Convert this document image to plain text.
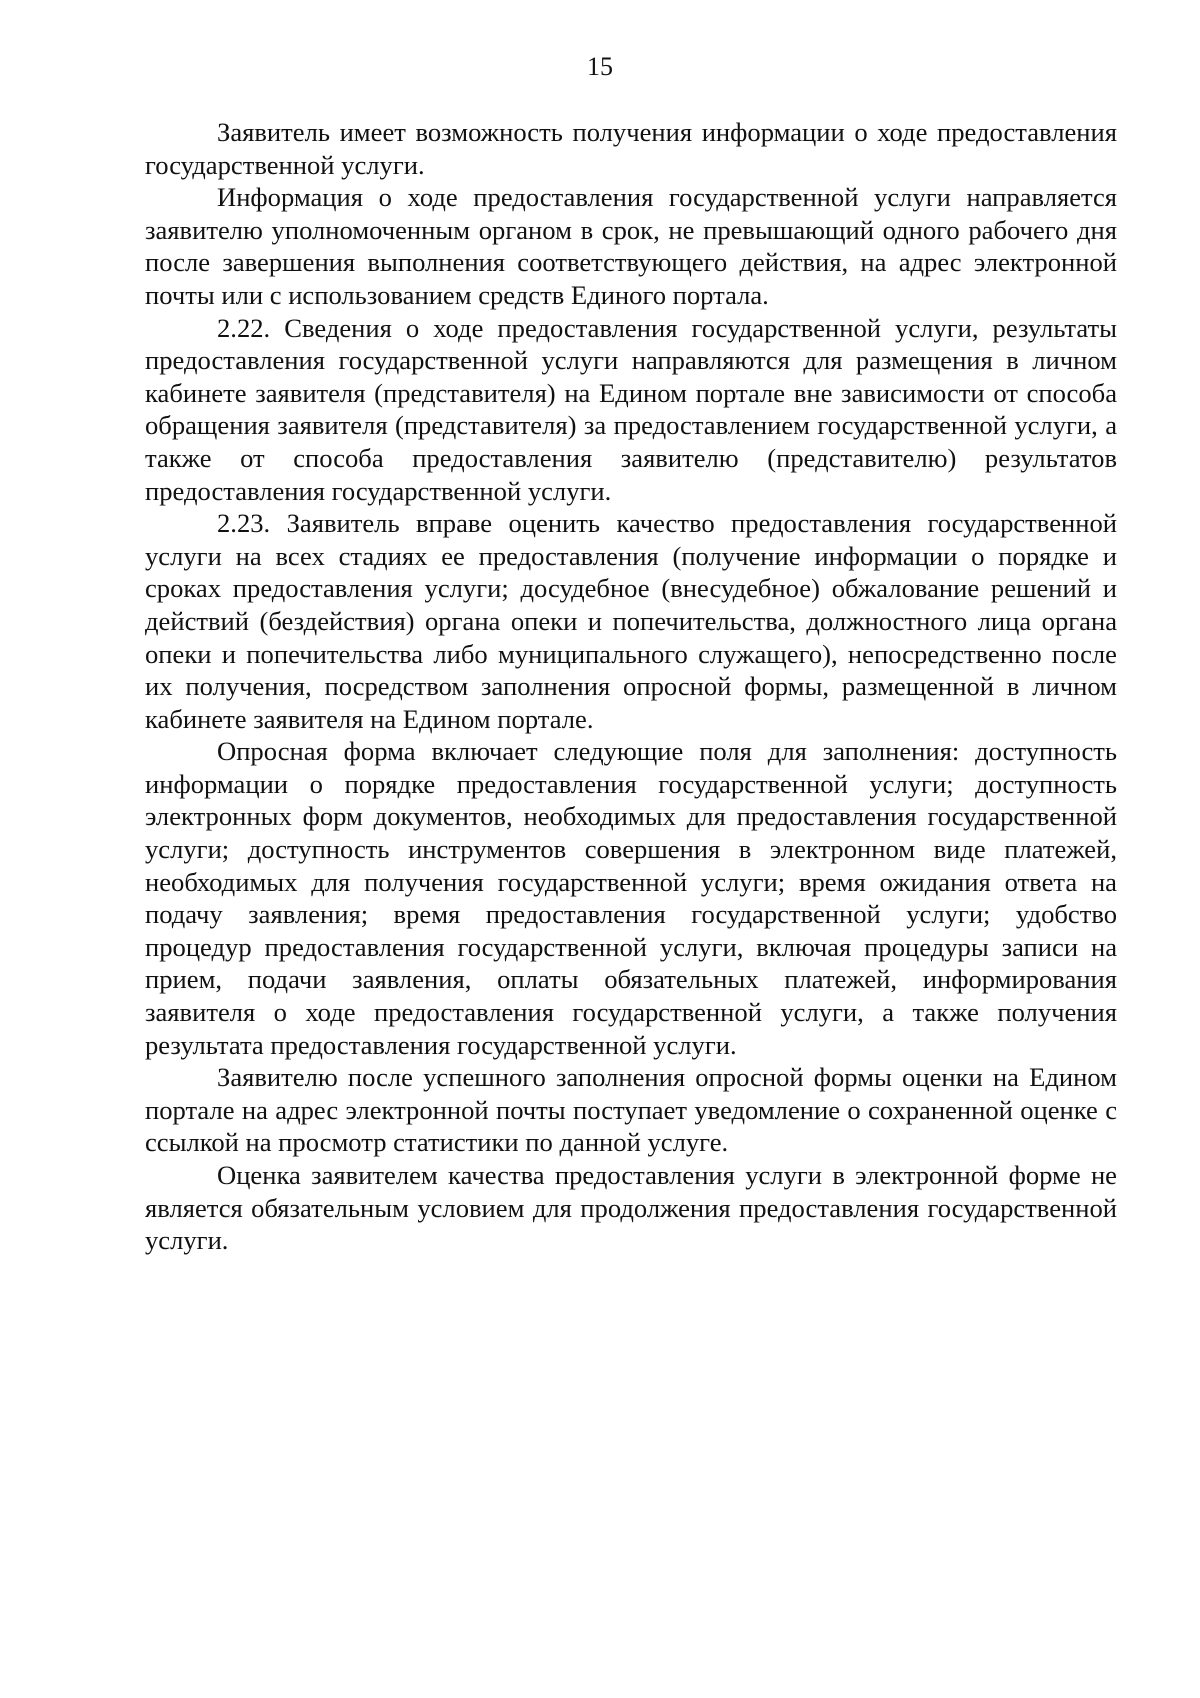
15

Заявитель имеет возможность получения информации о ходе предоставления государственной услуги.

Информация о ходе предоставления государственной услуги направляется заявителю уполномоченным органом в срок, не превышающий одного рабочего дня после завершения выполнения соответствующего действия, на адрес электронной почты или с использованием средств Единого портала.

2.22. Сведения о ходе предоставления государственной услуги, результаты предоставления государственной услуги направляются для размещения в личном кабинете заявителя (представителя) на Едином портале вне зависимости от способа обращения заявителя (представителя) за предоставлением государственной услуги, а также от способа предоставления заявителю (представителю) результатов предоставления государственной услуги.

2.23. Заявитель вправе оценить качество предоставления государственной услуги на всех стадиях ее предоставления (получение информации о порядке и сроках предоставления услуги; досудебное (внесудебное) обжалование решений и действий (бездействия) органа опеки и попечительства, должностного лица органа опеки и попечительства либо муниципального служащего), непосредственно после их получения, посредством заполнения опросной формы, размещенной в личном кабинете заявителя на Едином портале.

Опросная форма включает следующие поля для заполнения: доступность информации о порядке предоставления государственной услуги; доступность электронных форм документов, необходимых для предоставления государственной услуги; доступность инструментов совершения в электронном виде платежей, необходимых для получения государственной услуги; время ожидания ответа на подачу заявления; время предоставления государственной услуги; удобство процедур предоставления государственной услуги, включая процедуры записи на прием, подачи заявления, оплаты обязательных платежей, информирования заявителя о ходе предоставления государственной услуги, а также получения результата предоставления государственной услуги.

Заявителю после успешного заполнения опросной формы оценки на Едином портале на адрес электронной почты поступает уведомление о сохраненной оценке с ссылкой на просмотр статистики по данной услуге.

Оценка заявителем качества предоставления услуги в электронной форме не является обязательным условием для продолжения предоставления государственной услуги.
